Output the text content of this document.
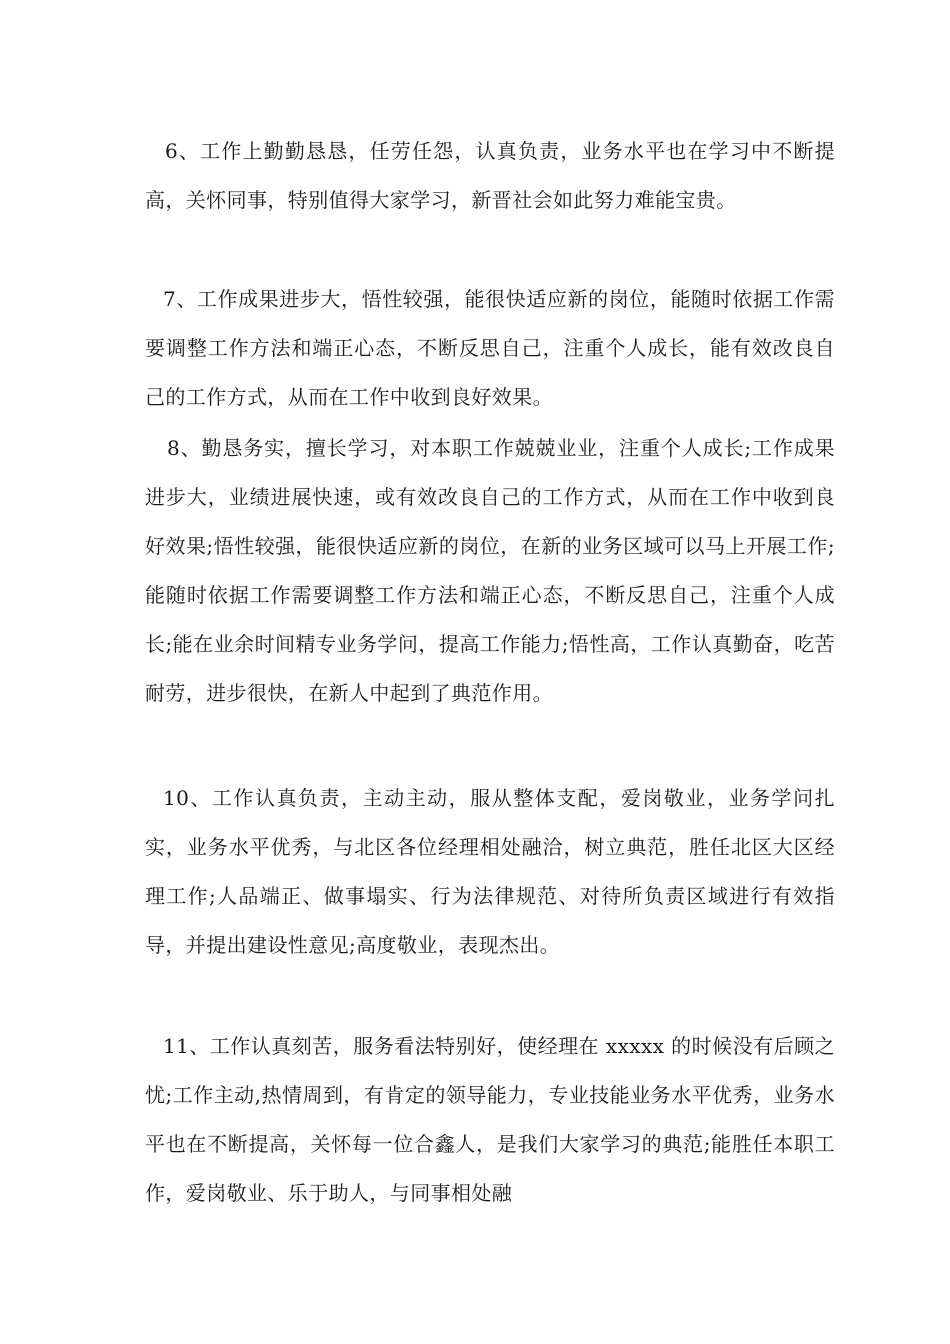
6、工作上勤勤恳恳，任劳任怨，认真负责，业务水平也在学习中不断提高，关怀同事，特别值得大家学习，新晋社会如此努力难能宝贵。

7、工作成果进步大，悟性较强，能很快适应新的岗位，能随时依据工作需要调整工作方法和端正心态，不断反思自己，注重个人成长，能有效改良自己的工作方式，从而在工作中收到良好效果。

8、勤恳务实，擅长学习，对本职工作兢兢业业，注重个人成长;工作成果进步大，业绩进展快速，或有效改良自己的工作方式，从而在工作中收到良好效果;悟性较强，能很快适应新的岗位，在新的业务区域可以马上开展工作;能随时依据工作需要调整工作方法和端正心态，不断反思自己，注重个人成长;能在业余时间精专业务学问，提高工作能力;悟性高，工作认真勤奋，吃苦耐劳，进步很快，在新人中起到了典范作用。

10、工作认真负责，主动主动，服从整体支配，爱岗敬业，业务学问扎实，业务水平优秀，与北区各位经理相处融洽，树立典范，胜任北区大区经理工作;人品端正、做事塌实、行为法律规范、对待所负责区域进行有效指导，并提出建设性意见;高度敬业，表现杰出。

11、工作认真刻苦，服务看法特别好，使经理在 xxxxx 的时候没有后顾之忧;工作主动,热情周到，有肯定的领导能力，专业技能业务水平优秀，业务水平也在不断提高，关怀每一位合鑫人，是我们大家学习的典范;能胜任本职工作，爱岗敬业、乐于助人，与同事相处融
